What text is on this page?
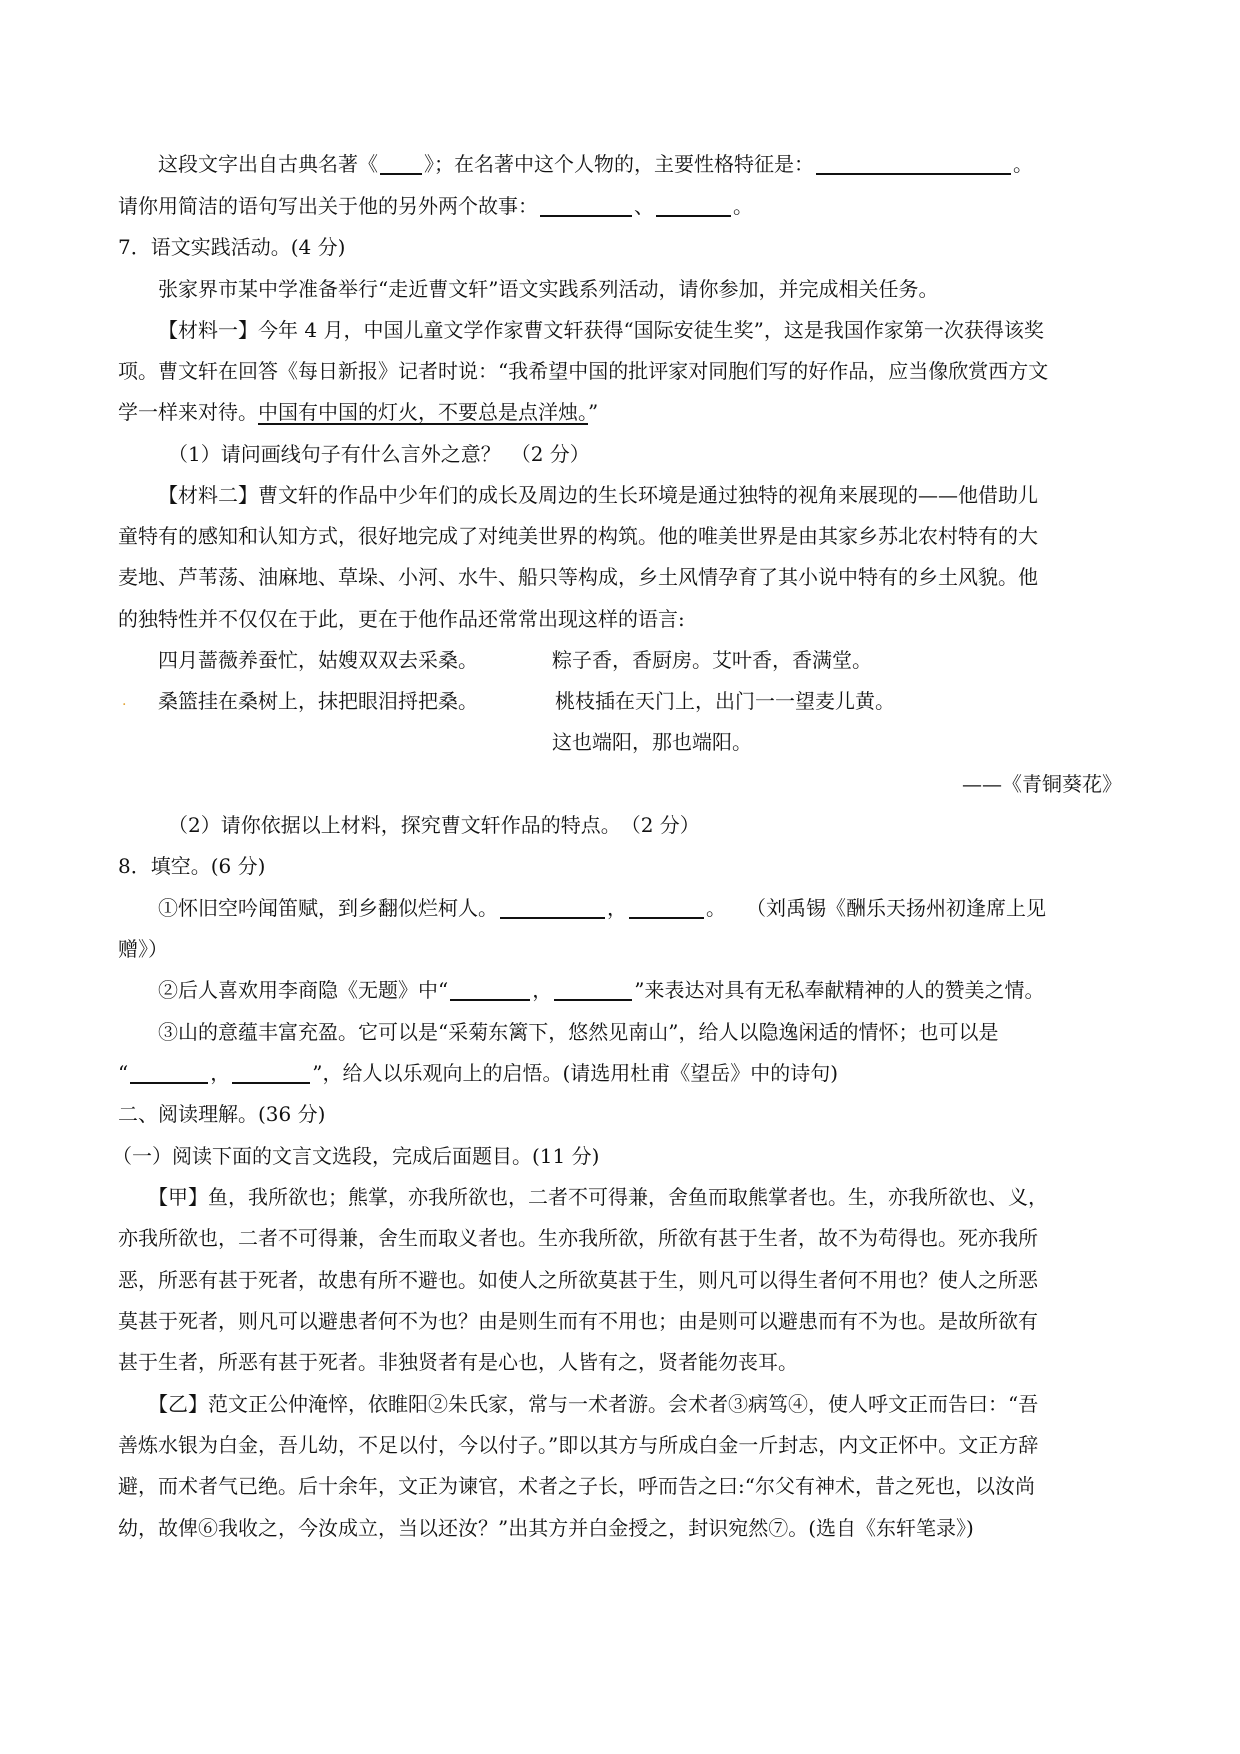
这段文字出自古典名著《 》；在名著中这个人物的，主要性格特征是：	。
请你用简洁的语句写出关于他的另外两个故事：	、	。
7．语文实践活动。(4 分)
张家界市某中学准备举行“走近曹文轩”语文实践系列活动，请你参加，并完成相关任务。
【材料一】今年 4 月，中国儿童文学作家曹文轩获得“国际安徒生奖”，这是我国作家第一次获得该奖
项。曹文轩在回答《每日新报》记者时说：“我希望中国的批评家对同胞们写的好作品，应当像欣赏西方文
学一样来对待。中国有中国的灯火，不要总是点洋烛。”
（1）请问画线句子有什么言外之意？　（2 分）
【材料二】曹文轩的作品中少年们的成长及周边的生长环境是通过独特的视角来展现的——他借助儿
童特有的感知和认知方式，很好地完成了对纯美世界的构筑。他的唯美世界是由其家乡苏北农村特有的大
麦地、芦苇荡、油麻地、草垛、小河、水牛、船只等构成，乡土风情孕育了其小说中特有的乡土风貌。他
的独特性并不仅仅在于此，更在于他作品还常常出现这样的语言:
四月蔷薇养蚕忙，姑嫂双双去采桑。	粽子香，香厨房。艾叶香，香满堂。
. 桑篮挂在桑树上，抹把眼泪捋把桑。	桃枝插在天门上，出门一一望麦儿黄。
这也端阳，那也端阳。
——《青铜葵花》
（2）请你依据以上材料，探究曹文轩作品的特点。　（2 分）
8．填空。(6 分)
①怀旧空吟闻笛赋，到乡翻似烂柯人。	，	。　　（刘禹锡《酬乐天扬州初逢席上见
赠》）
②后人喜欢用李商隐《无题》中“	，	”来表达对具有无私奉献精神的人的赞美之情。
③山的意蕴丰富充盈。它可以是“采菊东篱下，悠然见南山”，给人以隐逸闲适的情怀；也可以是
“	，	”，给人以乐观向上的启悟。(请选用杜甫《望岳》中的诗句)
二、阅读理解。(36 分)
（一）阅读下面的文言文选段，完成后面题目。(11 分)
【甲】鱼，我所欲也；熊掌，亦我所欲也，二者不可得兼，舍鱼而取熊掌者也。生，亦我所欲也、义，
亦我所欲也，二者不可得兼，舍生而取义者也。生亦我所欲，所欲有甚于生者，故不为苟得也。死亦我所
恶，所恶有甚于死者，故患有所不避也。如使人之所欲莫甚于生，则凡可以得生者何不用也？使人之所恶
莫甚于死者，则凡可以避患者何不为也？由是则生而有不用也；由是则可以避患而有不为也。是故所欲有
甚于生者，所恶有甚于死者。非独贤者有是心也，人皆有之，贤者能勿丧耳。
【乙】范文正公仲淹悴，依睢阳②朱氏家，常与一术者游。会术者③病笃④，使人呼文正而告曰：“吾
善炼水银为白金，吾儿幼，不足以付，今以付子。”即以其方与所成白金一斤封志，内文正怀中。文正方辞
避，而术者气已绝。后十余年，文正为谏官，术者之子长，呼而告之曰:“尔父有神术，昔之死也，以汝尚
幼，故俾⑥我收之，今汝成立，当以还汝？”出其方并白金授之，封识宛然⑦。(选自《东轩笔录》)
